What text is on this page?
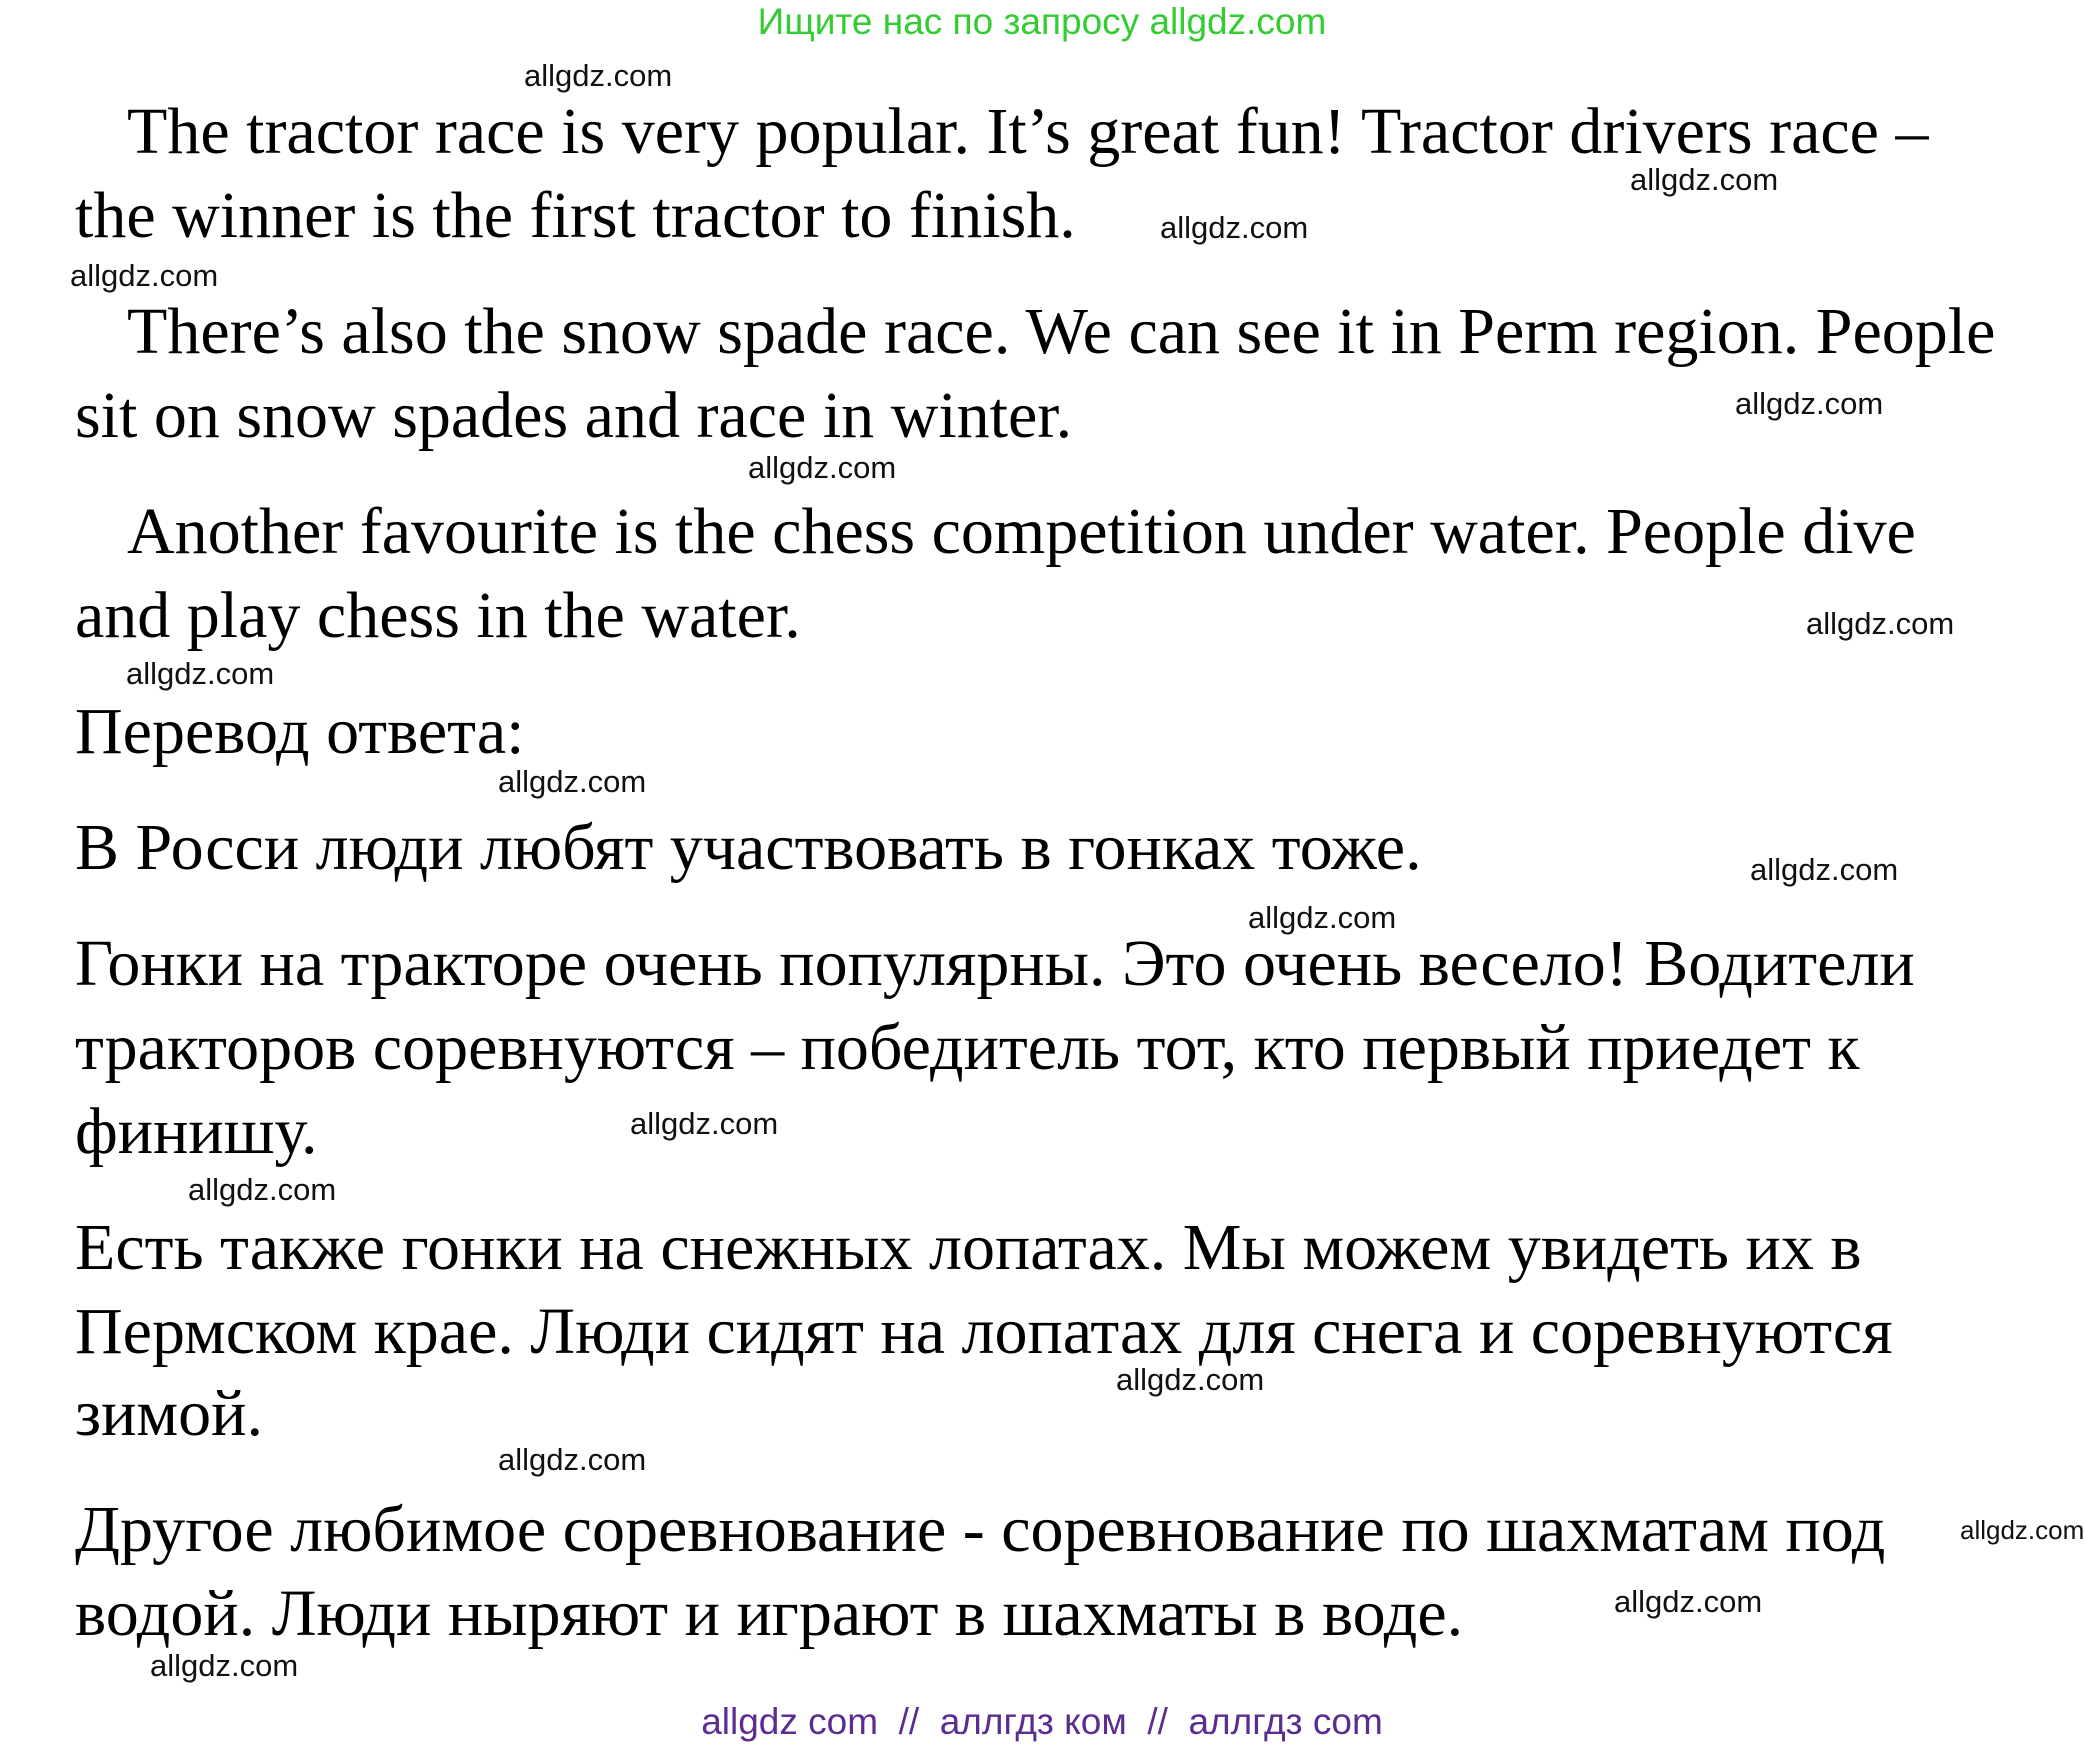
Ищите нас по запросу allgdz.com
The tractor race is very popular. It’s great fun! Tractor drivers race –
the winner is the first tractor to finish.
There’s also the snow spade race. We can see it in Perm region. People
sit on snow spades and race in winter.
Another favourite is the chess competition under water. People dive
and play chess in the water.
Перевод ответа:
В Росси люди любят участвовать в гонках тоже.
Гонки на тракторе очень популярны. Это очень весело! Водители
тракторов соревнуются – победитель тот, кто первый приедет к
финишу.
Есть также гонки на снежных лопатах. Мы можем увидеть их в
Пермском крае. Люди сидят на лопатах для снега и соревнуются
зимой.
Другое любимое соревнование - соревнование по шахматам под
водой. Люди ныряют и играют в шахматы в воде.
allgdz.com
allgdz.com
allgdz.com
allgdz.com
allgdz.com
allgdz.com
allgdz.com
allgdz.com
allgdz.com
allgdz.com
allgdz.com
allgdz.com
allgdz.com
allgdz.com
allgdz.com
allgdz.com
allgdz.com
allgdz.com
allgdz com  //  аллгдз ком  //  аллгдз com
